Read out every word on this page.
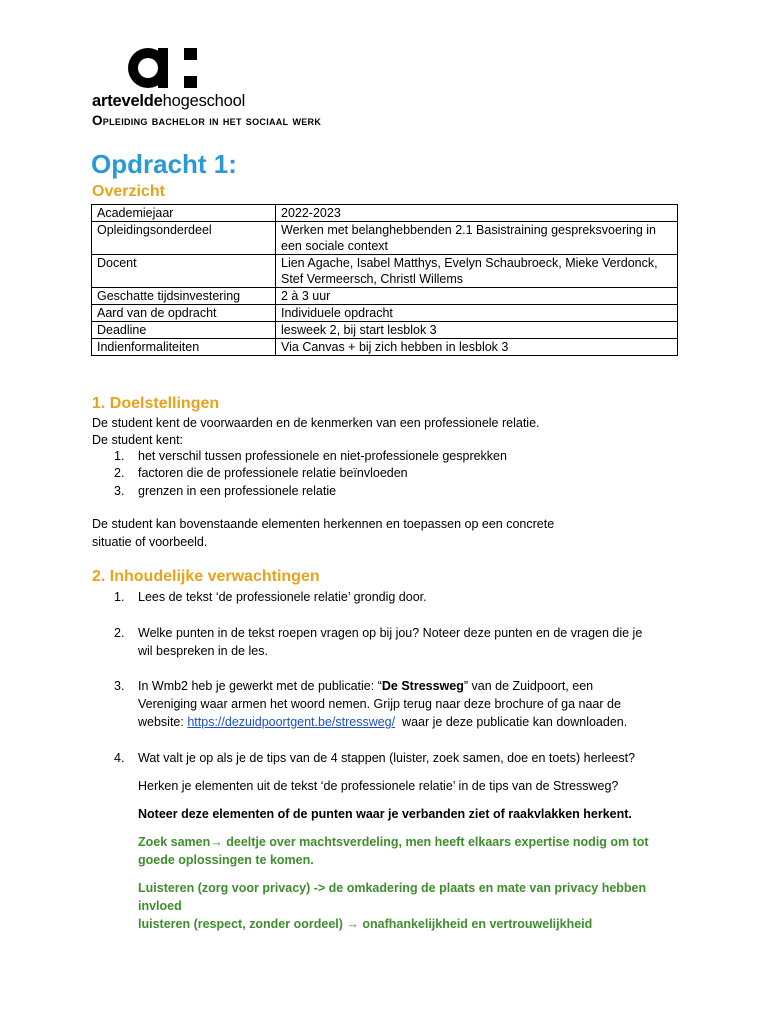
arteveldehogeschool
Opleiding bachelor in het sociaal werk
Opdracht 1:
Overzicht
Academiejaar	2022-2023
Opleidingsonderdeel	Werken met belanghebbenden 2.1 Basistraining gespreksvoering in een sociale context
Docent	Lien Agache, Isabel Matthys, Evelyn Schaubroeck, Mieke Verdonck, Stef Vermeersch, Christl Willems
Geschatte tijdsinvestering	2 à 3 uur
Aard van de opdracht	Individuele opdracht
Deadline	lesweek 2, bij start lesblok 3
Indienformaliteiten	Via Canvas + bij zich hebben in lesblok 3
1. Doelstellingen
De student kent de voorwaarden en de kenmerken van een professionele relatie.
De student kent:
1. het verschil tussen professionele en niet-professionele gesprekken
2. factoren die de professionele relatie beïnvloeden
3. grenzen in een professionele relatie
De student kan bovenstaande elementen herkennen en toepassen op een concrete
situatie of voorbeeld.
2. Inhoudelijke verwachtingen
1. Lees de tekst ‘de professionele relatie’ grondig door.
2. Welke punten in de tekst roepen vragen op bij jou? Noteer deze punten en de vragen die je
wil bespreken in de les.
3. In Wmb2 heb je gewerkt met de publicatie: “De Stressweg” van de Zuidpoort, een
Vereniging waar armen het woord nemen. Grijp terug naar deze brochure of ga naar de
website: https://dezuidpoortgent.be/stressweg/  waar je deze publicatie kan downloaden.
4. Wat valt je op als je de tips van de 4 stappen (luister, zoek samen, doe en toets) herleest?
Herken je elementen uit de tekst ‘de professionele relatie’ in de tips van de Stressweg?
Noteer deze elementen of de punten waar je verbanden ziet of raakvlakken herkent.
Zoek samen→ deeltje over machtsverdeling, men heeft elkaars expertise nodig om tot
goede oplossingen te komen.
Luisteren (zorg voor privacy) -> de omkadering de plaats en mate van privacy hebben
invloed
luisteren (respect, zonder oordeel) → onafhankelijkheid en vertrouwelijkheid
